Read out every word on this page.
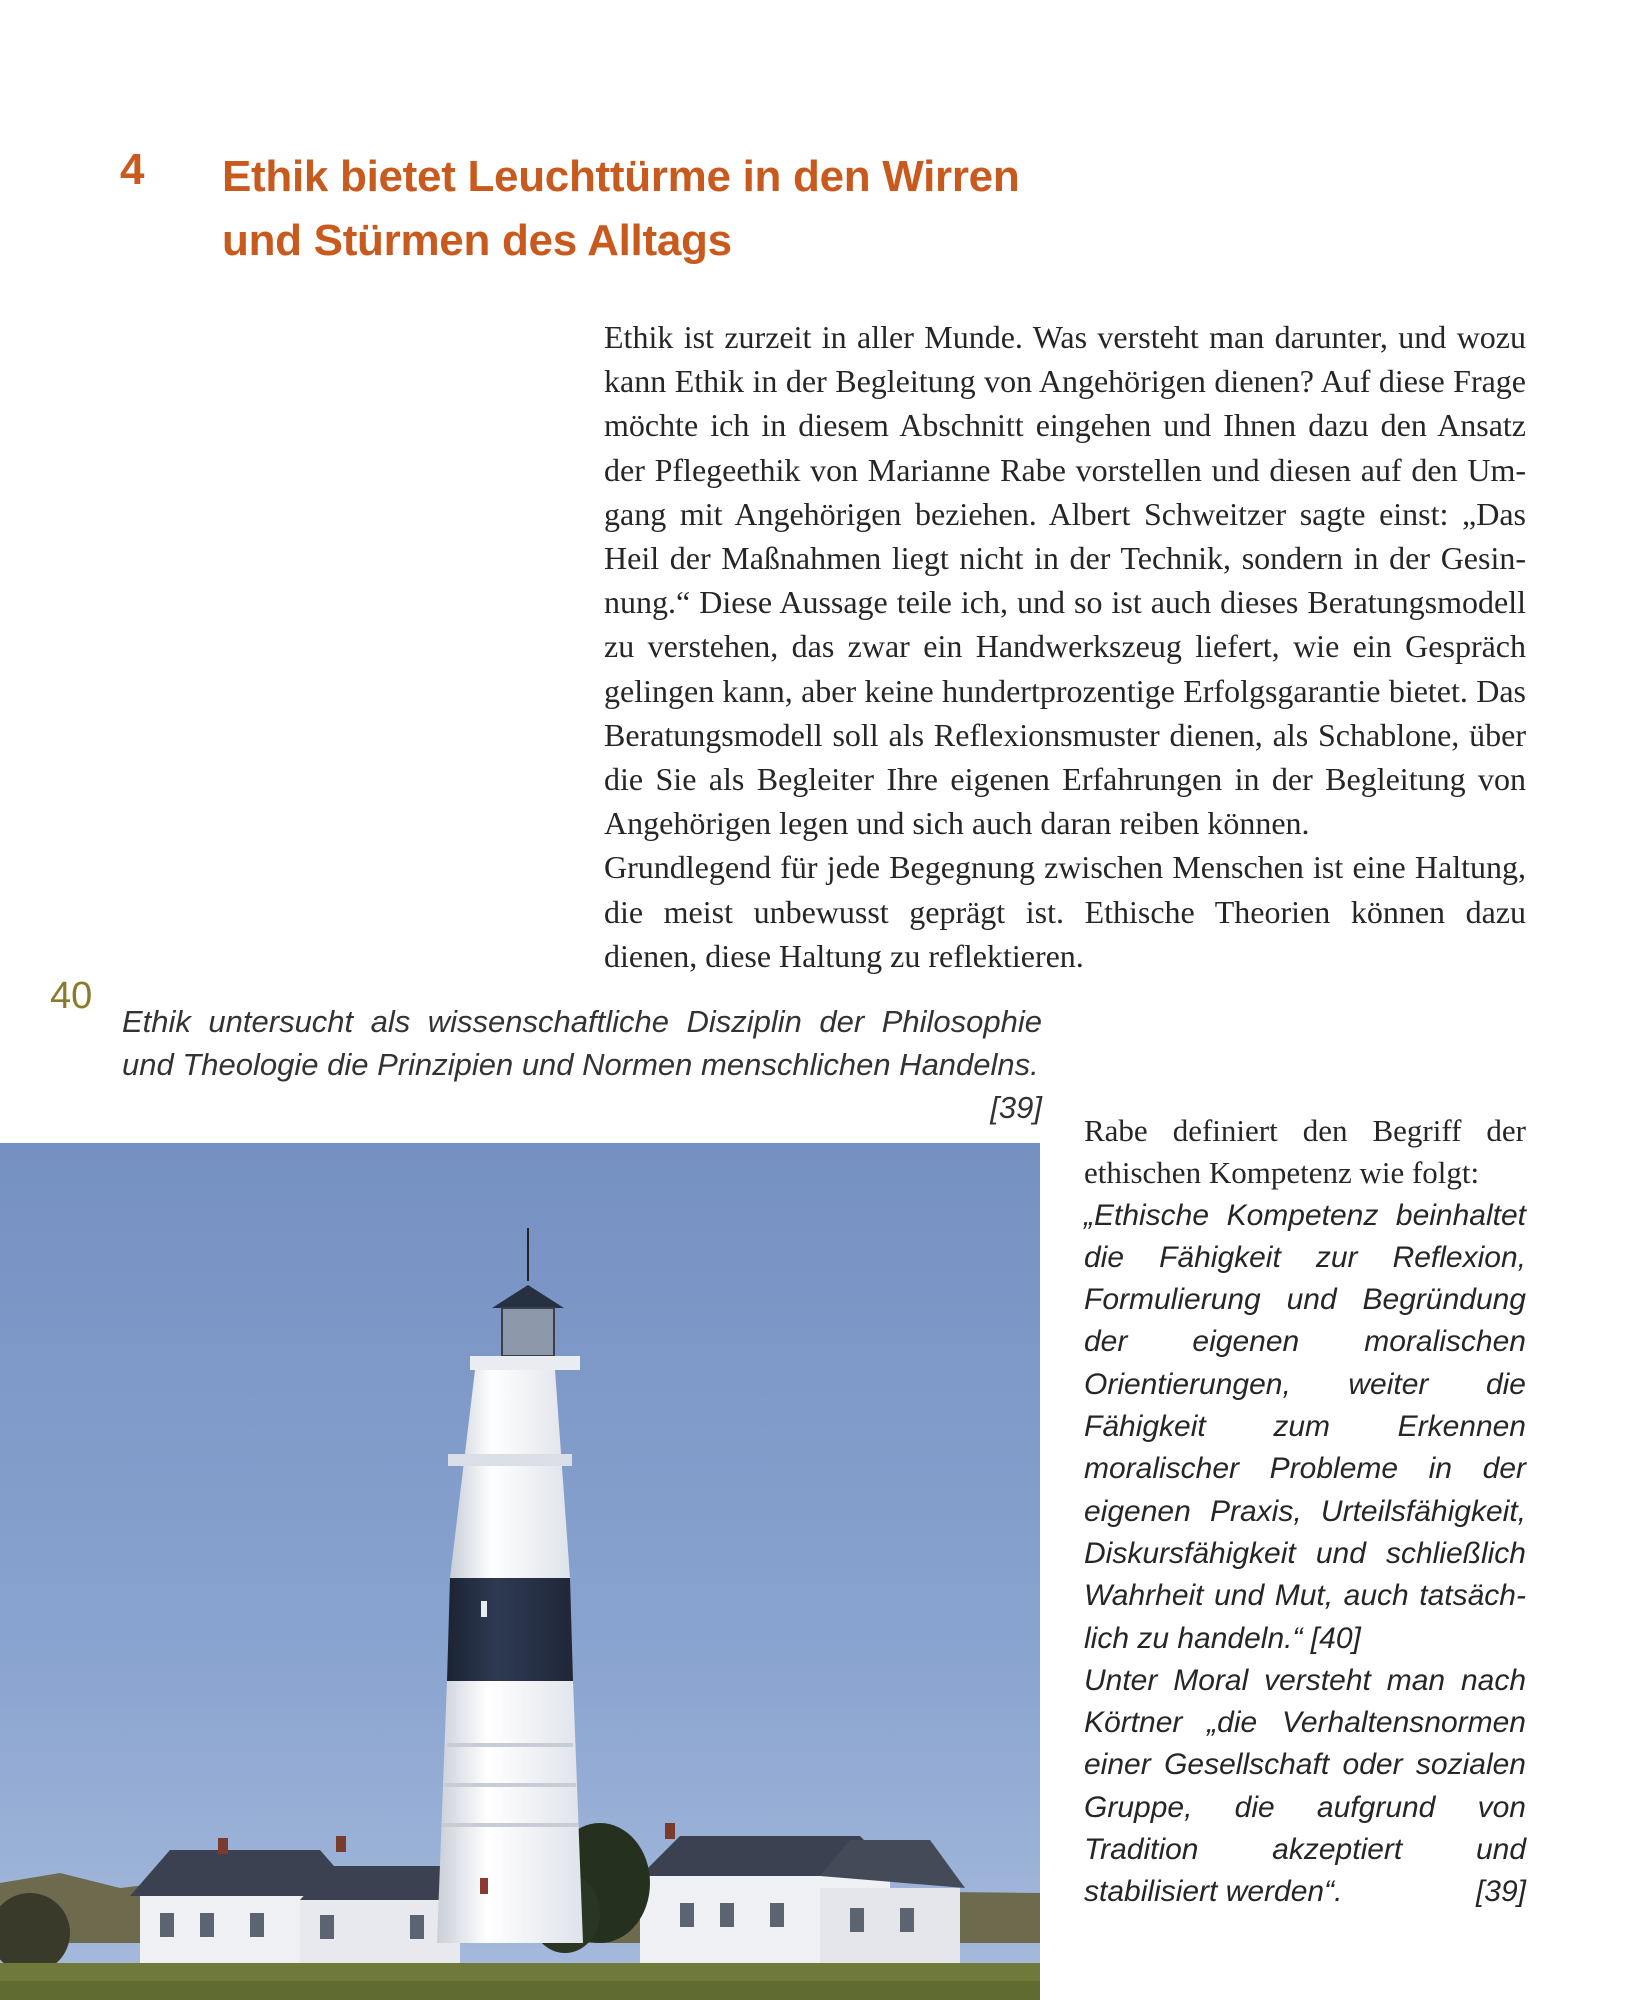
4 Ethik bietet Leuchttürme in den Wirren
und Stürmen des Alltags

Ethik ist zurzeit in aller Munde. Was versteht man darunter, und wozu kann Ethik in der Begleitung von Angehörigen dienen? Auf diese Frage möchte ich in diesem Abschnitt eingehen und Ihnen dazu den Ansatz der Pflegeethik von Marianne Rabe vorstellen und diesen auf den Umgang mit Angehörigen beziehen. Albert Schweitzer sagte einst: „Das Heil der Maßnahmen liegt nicht in der Technik, sondern in der Gesinnung.“ Diese Aussage teile ich, und so ist auch dieses Beratungsmodell zu verstehen, das zwar ein Handwerkszeug liefert, wie ein Gespräch gelingen kann, aber keine hundertprozentige Erfolgsgarantie bietet. Das Beratungsmodell soll als Reflexionsmuster dienen, als Schablone, über die Sie als Begleiter Ihre eigenen Erfahrungen in der Begleitung von Angehörigen legen und sich auch daran reiben können.

Grundlegend für jede Begegnung zwischen Menschen ist eine Haltung, die meist unbewusst geprägt ist. Ethische Theorien können dazu dienen, diese Haltung zu reflektieren.

40
Ethik untersucht als wissenschaftliche Disziplin der Philosophie und Theologie die Prinzipien und Normen menschlichen Handelns.
[39]

Rabe definiert den Begriff der ethischen Kompetenz wie folgt:

„Ethische Kompetenz beinhaltet die Fähigkeit zur Reflexion, Formulierung und Begründung der eigenen moralischen Orientierungen, weiter die Fähigkeit zum Erkennen moralischer Probleme in der eigenen Praxis, Urteilsfähigkeit, Diskursfähigkeit und schließlich Wahrheit und Mut, auch tatsächlich zu handeln.“ [40]

Unter Moral versteht man nach Körtner „die Verhaltensnormen einer Gesellschaft oder sozialen Gruppe, die aufgrund von Tradition akzeptiert und stabilisiert werden“.	[39]
